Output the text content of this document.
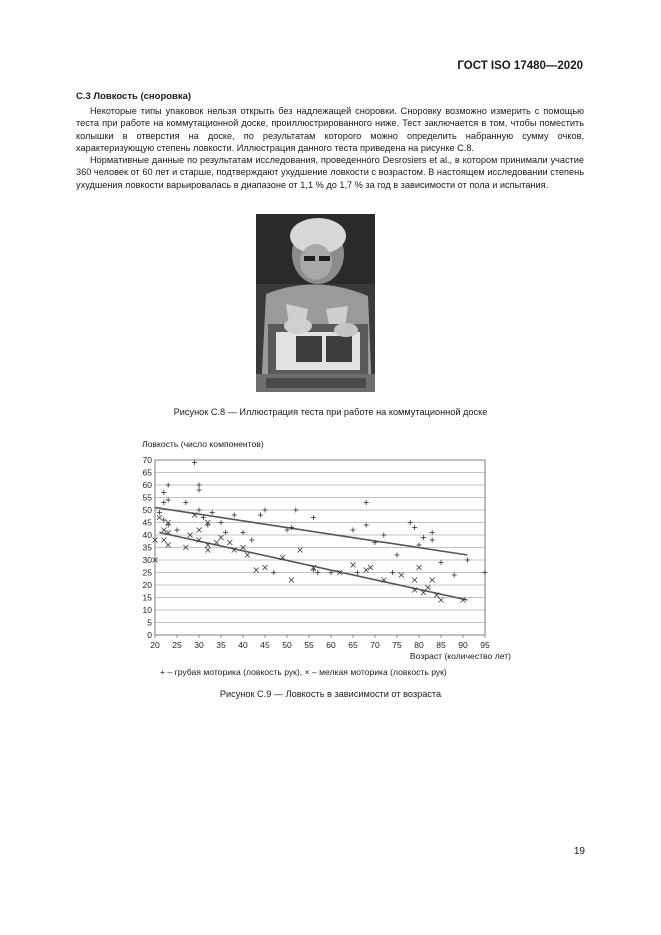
ГОСТ ISO 17480—2020
С.3 Ловкость (сноровка)

Некоторые типы упаковок нельзя открыть без надлежащей сноровки. Сноровку возможно измерить с помощью теста при работе на коммутационной доске, проиллюстрированного ниже. Тест заключается в том, чтобы поместить колышки в отверстия на доске, по результатам которого можно определить набранную сумму очков, характеризующую степень ловкости. Иллюстрация данного теста приведена на рисунке С.8.

Нормативные данные по результатам исследования, проведенного Desrosiers et al., в котором принимали участие 360 человек от 60 лет и старше, подтверждают ухудшение ловкости с возрастом. В настоящем исследовании степень ухудшения ловкости варьировалась в диапазоне от 1,1 % до 1,7 % за год в зависимости от пола и испытания.

Рисунок С.8 — Иллюстрация теста при работе на коммутационной доске
Ловкость (число компонентов)
0
5
10
15
20
25
30
35
40
45
50
55
60
65
70
20 25 30 35 40 45 50 55 60 65 70 75 80 85 90 95
Возраст (количество лет)
+ – грубая моторика (ловкость рук), × – мелкая моторика (ловкость рук)
Рисунок С.9 — Ловкость в зависимости от возраста
19
